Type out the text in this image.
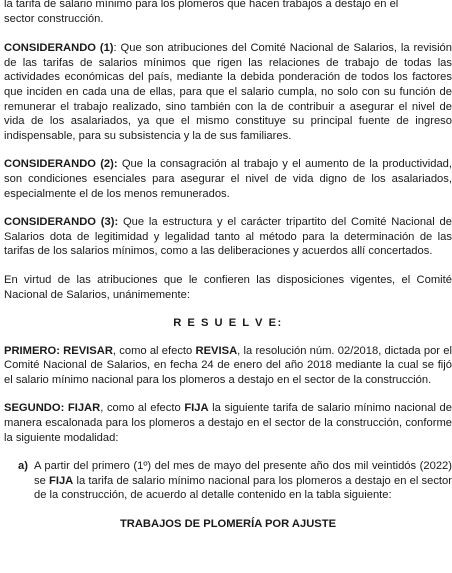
la tarifa de salario mínimo para los plomeros que hacen trabajos a destajo en el
sector construcción.

CONSIDERANDO (1): Que son atribuciones del Comité Nacional de Salarios, la revisión de las tarifas de salarios mínimos que rigen las relaciones de trabajo de todas las actividades económicas del país, mediante la debida ponderación de todos los factores que inciden en cada una de ellas, para que el salario cumpla, no solo con su función de remunerar el trabajo realizado, sino también con la de contribuir a asegurar el nivel de vida de los asalariados, ya que el mismo constituye su principal fuente de ingreso indispensable, para su subsistencia y la de sus familiares.

CONSIDERANDO (2): Que la consagración al trabajo y el aumento de la productividad, son condiciones esenciales para asegurar el nivel de vida digno de los asalariados, especialmente el de los menos remunerados.

CONSIDERANDO (3): Que la estructura y el carácter tripartito del Comité Nacional de Salarios dota de legitimidad y legalidad tanto al método para la determinación de las tarifas de los salarios mínimos, como a las deliberaciones y acuerdos allí concertados.

En virtud de las atribuciones que le confieren las disposiciones vigentes, el Comité Nacional de Salarios, unánimemente:

R E S U E L V E:

PRIMERO: REVISAR, como al efecto REVISA, la resolución núm. 02/2018, dictada por el Comité Nacional de Salarios, en fecha 24 de enero del año 2018 mediante la cual se fijó el salario mínimo nacional para los plomeros a destajo en el sector de la construcción.

SEGUNDO: FIJAR, como al efecto FIJA la siguiente tarifa de salario mínimo nacional de manera escalonada para los plomeros a destajo en el sector de la construcción, conforme la siguiente modalidad:

a) A partir del primero (1º) del mes de mayo del presente año dos mil veintidós (2022) se FIJA la tarifa de salario mínimo nacional para los plomeros a destajo en el sector de la construcción, de acuerdo al detalle contenido en la tabla siguiente:

TRABAJOS DE PLOMERÍA POR AJUSTE
